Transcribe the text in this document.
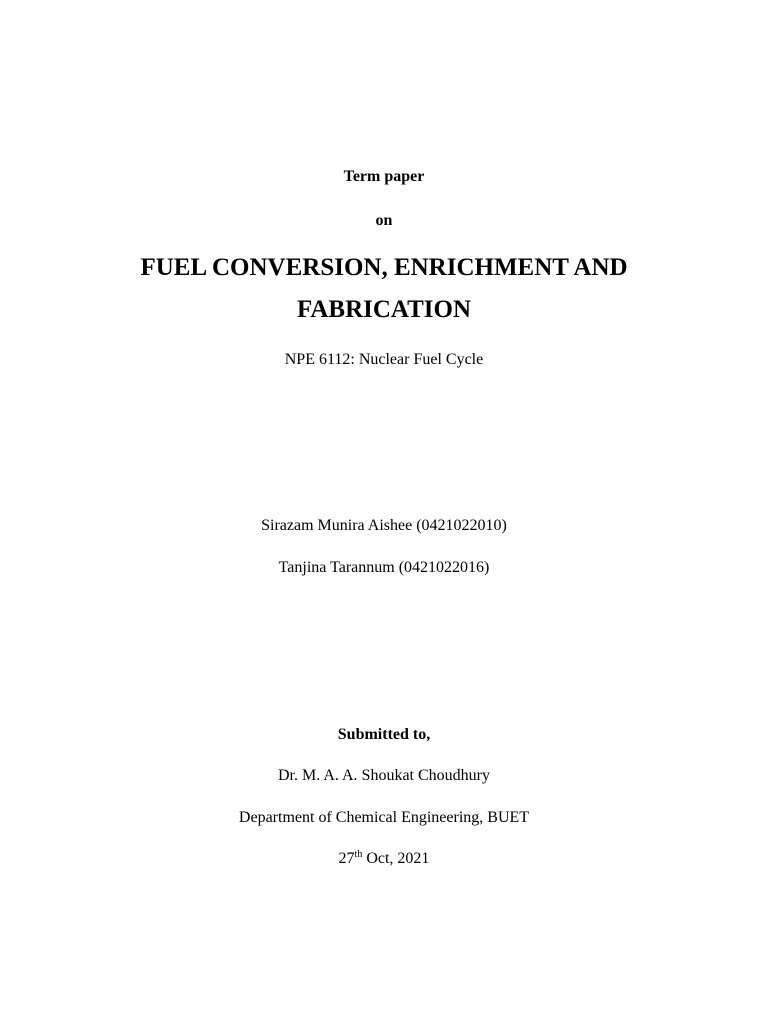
Term paper
on
FUEL CONVERSION, ENRICHMENT AND
FABRICATION
NPE 6112: Nuclear Fuel Cycle
Sirazam Munira Aishee (0421022010)
Tanjina Tarannum (0421022016)
Submitted to,
Dr. M. A. A. Shoukat Choudhury
Department of Chemical Engineering, BUET
27th Oct, 2021
